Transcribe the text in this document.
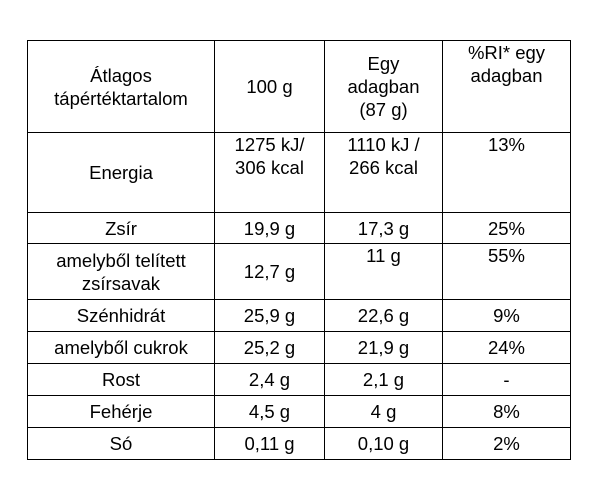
Átlagos tápértéktartalom	100 g	Egy adagban (87 g)	%RI* egy adagban
Energia	1275 kJ/ 306 kcal	1110 kJ / 266 kcal	13%
Zsír	19,9 g	17,3 g	25%
amelyből telített zsírsavak	12,7 g	11 g	55%
Szénhidrát	25,9 g	22,6 g	9%
amelyből cukrok	25,2 g	21,9 g	24%
Rost	2,4 g	2,1 g	-
Fehérje	4,5 g	4 g	8%
Só	0,11 g	0,10 g	2%
